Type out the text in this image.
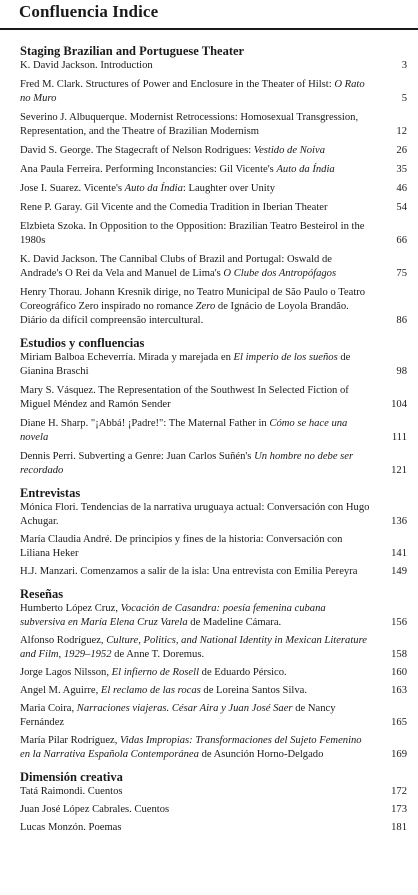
Confluencia Indice
Staging Brazilian and Portuguese Theater
K. David Jackson. Introduction	3
Fred M. Clark. Structures of Power and Enclosure in the Theater of Hilst: O Rato no Muro	5
Severino J. Albuquerque. Modernist Retrocessions: Homosexual Transgression, Representation, and the Theatre of Brazilian Modernism	12
David S. George. The Stagecraft of Nelson Rodrigues: Vestido de Noiva	26
Ana Paula Ferreira. Performing Inconstancies: Gil Vicente's Auto da Índia	35
Jose I. Suarez. Vicente's Auto da Índia: Laughter over Unity	46
Rene P. Garay. Gil Vicente and the Comedia Tradition in Iberian Theater	54
Elzbieta Szoka. In Opposition to the Opposition: Brazilian Teatro Besteirol in the 1980s	66
K. David Jackson. The Cannibal Clubs of Brazil and Portugal: Oswald de Andrade's O Rei da Vela and Manuel de Lima's O Clube dos Antropófagos	75
Henry Thorau. Johann Kresnik dirige, no Teatro Municipal de São Paulo o Teatro Coreográfico Zero inspirado no romance Zero de Ignácio de Loyola Brandão. Diário da difícil compreensão intercultural.	86
Estudios y confluencias
Miriam Balboa Echeverría. Mirada y marejada en El imperio de los sueños de Gianina Braschi	98
Mary S. Vásquez. The Representation of the Southwest In Selected Fiction of Miguel Méndez and Ramón Sender	104
Diane H. Sharp. "¡Abbá! ¡Padre!": The Maternal Father in Cómo se hace una novela	111
Dennis Perri. Subverting a Genre: Juan Carlos Suñén's Un hombre no debe ser recordado	121
Entrevistas
Mónica Flori. Tendencias de la narrativa uruguaya actual: Conversación con Hugo Achugar.	136
María Claudia André. De principios y fines de la historia: Conversación con Liliana Heker	141
H.J. Manzari. Comenzamos a salir de la isla: Una entrevista con Emilia Pereyra	149
Reseñas
Humberto López Cruz, Vocación de Casandra: poesía femenina cubana subversiva en María Elena Cruz Varela de Madeline Cámara.	156
Alfonso Rodríguez, Culture, Politics, and National Identity in Mexican Literature and Film, 1929–1952 de Anne T. Doremus.	158
Jorge Lagos Nilsson, El infierno de Rosell de Eduardo Pérsico.	160
Angel M. Aguirre, El reclamo de las rocas de Loreina Santos Silva.	163
Maria Coira, Narraciones viajeras. César Aira y Juan José Saer de Nancy Fernández	165
María Pilar Rodríguez, Vidas Impropias: Transformaciones del Sujeto Femenino en la Narrativa Española Contemporánea de Asunción Horno-Delgado	169
Dimensión creativa
Tatá Raimondi. Cuentos	172
Juan José López Cabrales. Cuentos	173
Lucas Monzón. Poemas	181
